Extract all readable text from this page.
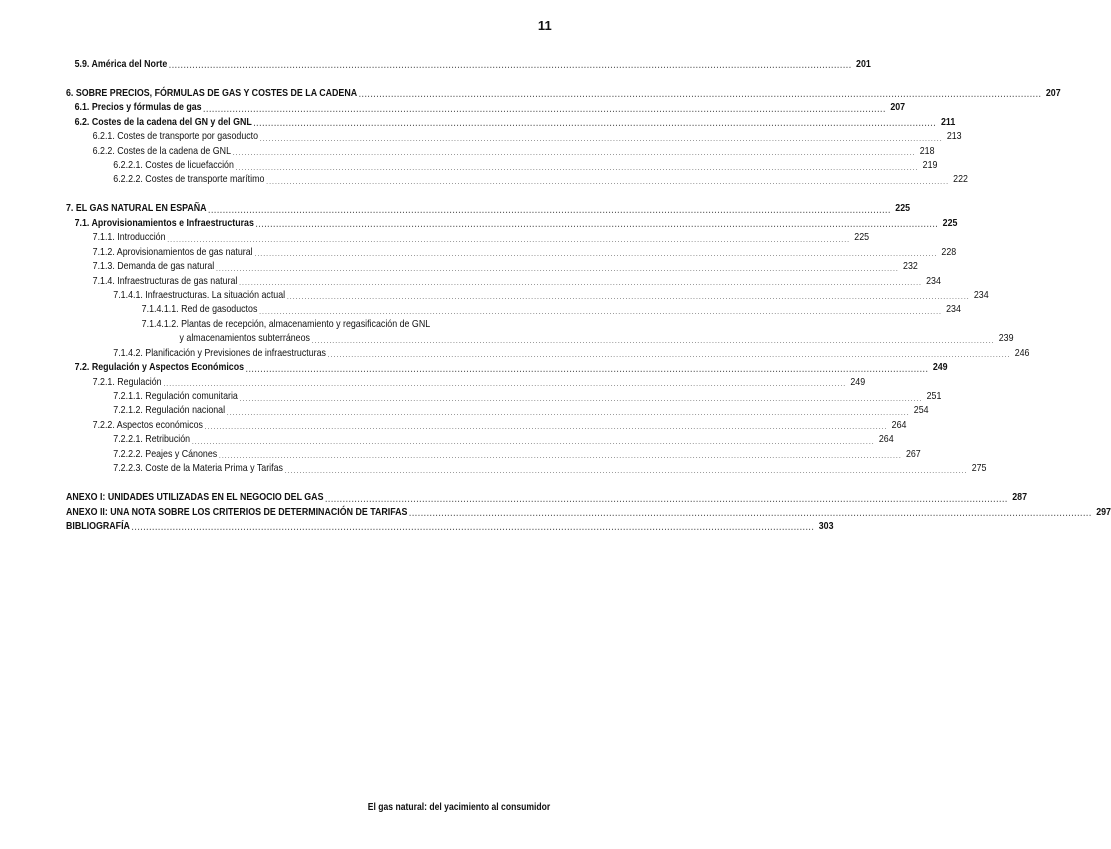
11
5.9. América del Norte .....	201
6. SOBRE PRECIOS, FÓRMULAS DE GAS Y COSTES DE LA CADENA .....	207
6.1. Precios y fórmulas de gas .....	207
6.2. Costes de la cadena del GN y del GNL .....	211
6.2.1. Costes de transporte por gasoducto .....	213
6.2.2. Costes de la cadena de GNL .....	218
6.2.2.1. Costes de licuefacción .....	219
6.2.2.2. Costes de transporte marítimo .....	222
7. EL GAS NATURAL EN ESPAÑA .....	225
7.1. Aprovisionamientos e Infraestructuras .....	225
7.1.1. Introducción .....	225
7.1.2. Aprovisionamientos de gas natural .....	228
7.1.3. Demanda de gas natural .....	232
7.1.4. Infraestructuras de gas natural .....	234
7.1.4.1. Infraestructuras. La situación actual .....	234
7.1.4.1.1. Red de gasoductos .....	234
7.1.4.1.2. Plantas de recepción, almacenamiento y regasificación de GNL
y almacenamientos subterráneos .....	239
7.1.4.2. Planificación y Previsiones de infraestructuras .....	246
7.2. Regulación y Aspectos Económicos .....	249
7.2.1. Regulación .....	249
7.2.1.1. Regulación comunitaria .....	251
7.2.1.2. Regulación nacional .....	254
7.2.2. Aspectos económicos .....	264
7.2.2.1. Retribución .....	264
7.2.2.2. Peajes y Cánones .....	267
7.2.2.3. Coste de la Materia Prima y Tarifas .....	275
ANEXO I: UNIDADES UTILIZADAS EN EL NEGOCIO DEL GAS .....	287
ANEXO II: UNA NOTA SOBRE LOS CRITERIOS DE DETERMINACIÓN DE TARIFAS .....	297
BIBLIOGRAFÍA .....	303
El gas natural: del yacimiento al consumidor
